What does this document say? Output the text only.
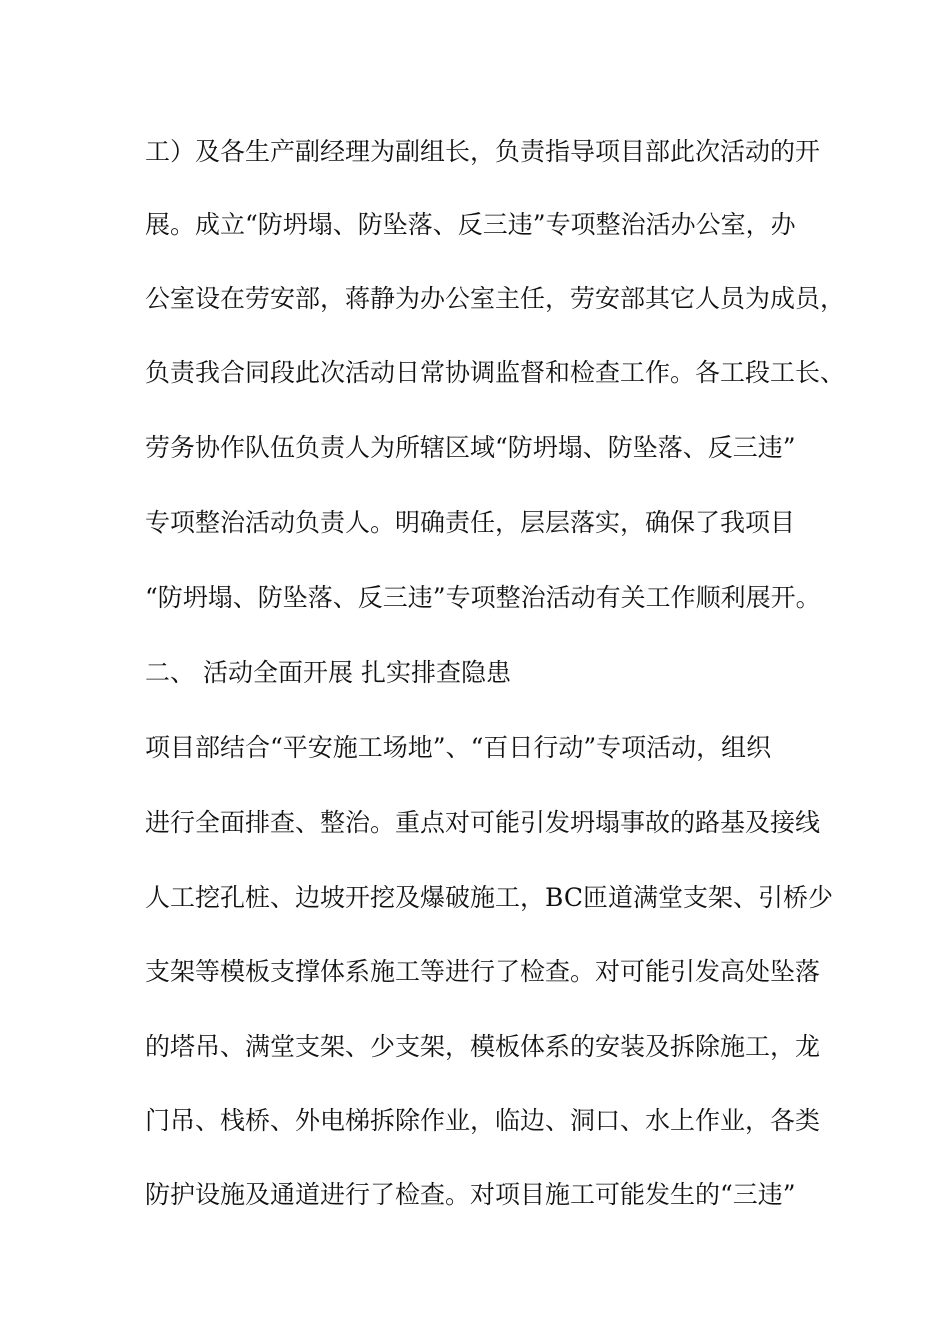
工）及各生产副经理为副组长，负责指导项目部此次活动的开
展。成立“防坍塌、防坠落、反三违”专项整治活办公室，办
公室设在劳安部，蒋静为办公室主任，劳安部其它人员为成员，
负责我合同段此次活动日常协调监督和检查工作。各工段工长、
劳务协作队伍负责人为所辖区域“防坍塌、防坠落、反三违”
专项整治活动负责人。明确责任，层层落实，确保了我项目
“防坍塌、防坠落、反三违”专项整治活动有关工作顺利展开。
二、 活动全面开展 扎实排查隐患
项目部结合“平安施工场地”、“百日行动”专项活动，组织
进行全面排查、整治。重点对可能引发坍塌事故的路基及接线
人工挖孔桩、边坡开挖及爆破施工，BC匝道满堂支架、引桥少
支架等模板支撑体系施工等进行了检查。对可能引发高处坠落
的塔吊、满堂支架、少支架，模板体系的安装及拆除施工，龙
门吊、栈桥、外电梯拆除作业，临边、洞口、水上作业，各类
防护设施及通道进行了检查。对项目施工可能发生的“三违”
